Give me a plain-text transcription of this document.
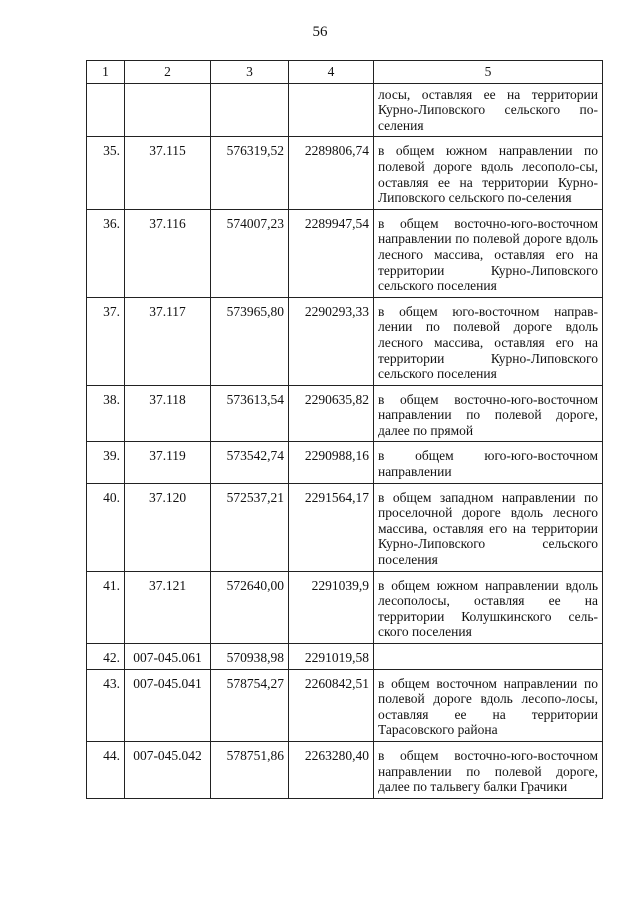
56
1	2	3	4	5
				лосы, оставляя ее на территории Курно-Липовского сельского по-селения
35.	37.115	576319,52	2289806,74	в общем южном направлении по полевой дороге вдоль лесополо-сы, оставляя ее на территории Курно-Липовского сельского по-селения
36.	37.116	574007,23	2289947,54	в общем восточно-юго-восточном направлении по полевой дороге вдоль лесного массива, оставляя его на территории Курно-Липовского сельского поселения
37.	37.117	573965,80	2290293,33	в общем юго-восточном направ-лении по полевой дороге вдоль лесного массива, оставляя его на территории Курно-Липовского сельского поселения
38.	37.118	573613,54	2290635,82	в общем восточно-юго-восточном направлении по полевой дороге, далее по прямой
39.	37.119	573542,74	2290988,16	в общем юго-юго-восточном направлении
40.	37.120	572537,21	2291564,17	в общем западном направлении по проселочной дороге вдоль лесного массива, оставляя его на территории Курно-Липовского сельского поселения
41.	37.121	572640,00	2291039,9	в общем южном направлении вдоль лесополосы, оставляя ее на территории Колушкинского сель-ского поселения
42.	007-045.061	570938,98	2291019,58	
43.	007-045.041	578754,27	2260842,51	в общем восточном направлении по полевой дороге вдоль лесопо-лосы, оставляя ее на территории Тарасовского района
44.	007-045.042	578751,86	2263280,40	в общем восточно-юго-восточном направлении по полевой дороге, далее по тальвегу балки Грачики
